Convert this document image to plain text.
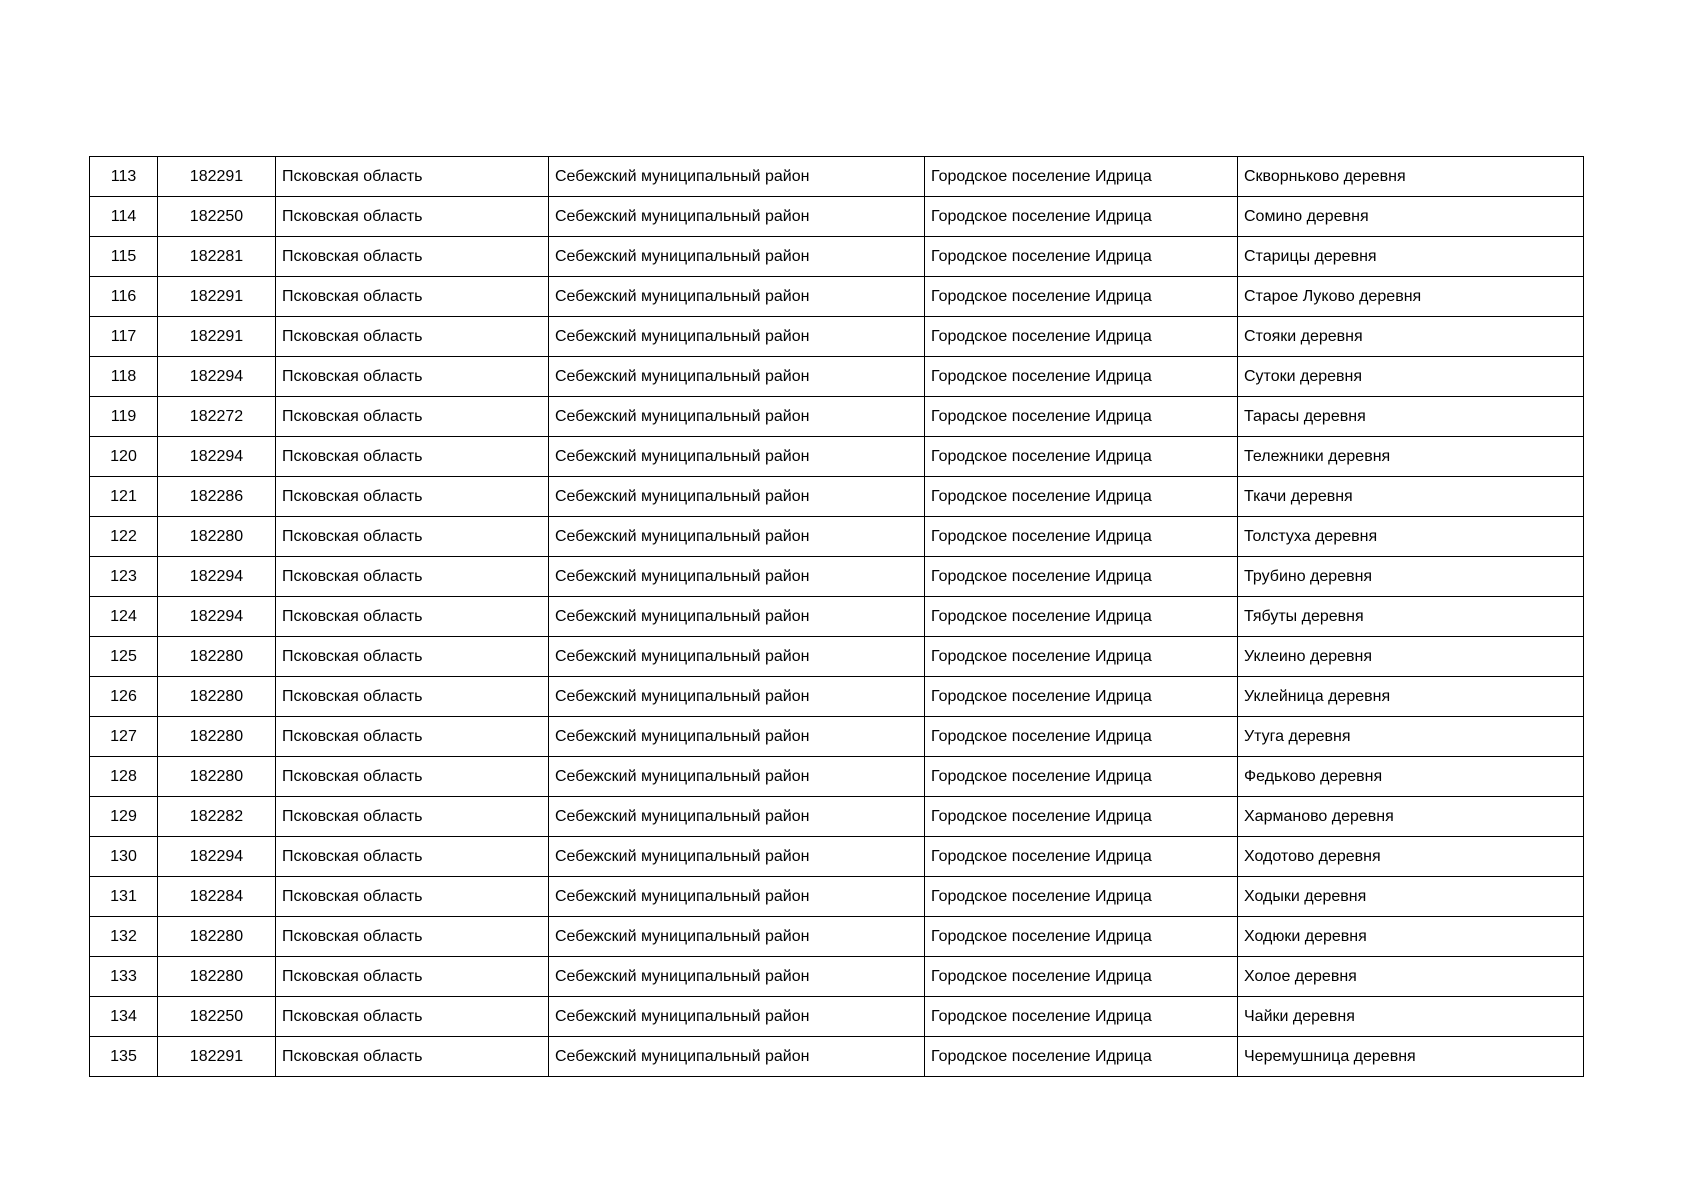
113	182291	Псковская область	Себежский муниципальный район	Городское поселение Идрица	Скворньково деревня
114	182250	Псковская область	Себежский муниципальный район	Городское поселение Идрица	Сомино деревня
115	182281	Псковская область	Себежский муниципальный район	Городское поселение Идрица	Старицы деревня
116	182291	Псковская область	Себежский муниципальный район	Городское поселение Идрица	Старое Луково деревня
117	182291	Псковская область	Себежский муниципальный район	Городское поселение Идрица	Стояки деревня
118	182294	Псковская область	Себежский муниципальный район	Городское поселение Идрица	Сутоки деревня
119	182272	Псковская область	Себежский муниципальный район	Городское поселение Идрица	Тарасы деревня
120	182294	Псковская область	Себежский муниципальный район	Городское поселение Идрица	Тележники деревня
121	182286	Псковская область	Себежский муниципальный район	Городское поселение Идрица	Ткачи деревня
122	182280	Псковская область	Себежский муниципальный район	Городское поселение Идрица	Толстуха деревня
123	182294	Псковская область	Себежский муниципальный район	Городское поселение Идрица	Трубино деревня
124	182294	Псковская область	Себежский муниципальный район	Городское поселение Идрица	Тябуты деревня
125	182280	Псковская область	Себежский муниципальный район	Городское поселение Идрица	Уклеино деревня
126	182280	Псковская область	Себежский муниципальный район	Городское поселение Идрица	Уклейница деревня
127	182280	Псковская область	Себежский муниципальный район	Городское поселение Идрица	Утуга деревня
128	182280	Псковская область	Себежский муниципальный район	Городское поселение Идрица	Федьково деревня
129	182282	Псковская область	Себежский муниципальный район	Городское поселение Идрица	Харманово деревня
130	182294	Псковская область	Себежский муниципальный район	Городское поселение Идрица	Ходотово деревня
131	182284	Псковская область	Себежский муниципальный район	Городское поселение Идрица	Ходыки деревня
132	182280	Псковская область	Себежский муниципальный район	Городское поселение Идрица	Ходюки деревня
133	182280	Псковская область	Себежский муниципальный район	Городское поселение Идрица	Холое деревня
134	182250	Псковская область	Себежский муниципальный район	Городское поселение Идрица	Чайки деревня
135	182291	Псковская область	Себежский муниципальный район	Городское поселение Идрица	Черемушница деревня
